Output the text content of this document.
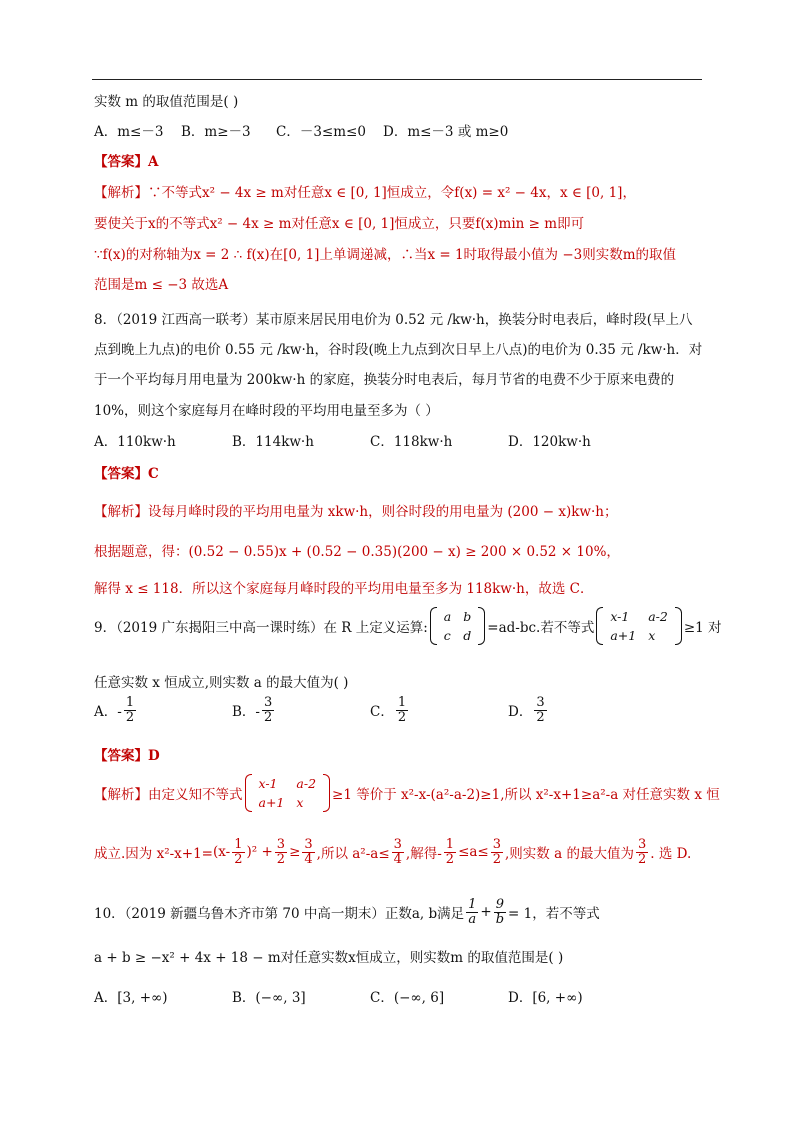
实数 m 的取值范围是( )
A．m≤－3 B．m≥－3 C．－3≤m≤0 D．m≤－3 或 m≥0
【答案】A
【解析】∵不等式x² − 4x ≥ m对任意x ∈ [0, 1]恒成立，令f(x) = x² − 4x，x ∈ [0, 1]，
要使关于x的不等式x² − 4x ≥ m对任意x ∈ [0, 1]恒成立，只要f(x)min ≥ m即可
∵f(x)的对称轴为x = 2 ∴ f(x)在[0, 1]上单调递减，∴当x = 1时取得最小值为 −3则实数m的取值
范围是m ≤ −3 故选A
8．（2019 江西高一联考）某市原来居民用电价为 0.52 元 /kw·h，换装分时电表后，峰时段(早上八
点到晚上九点)的电价 0.55 元 /kw·h，谷时段(晚上九点到次日早上八点)的电价为 0.35 元 /kw·h．对
于一个平均每月用电量为 200kw·h 的家庭，换装分时电表后，每月节省的电费不少于原来电费的
10%，则这个家庭每月在峰时段的平均用电量至多为（ ）
A．110kw·h	B．114kw·h	C．118kw·h	D．120kw·h
【答案】C
【解析】设每月峰时段的平均用电量为 xkw·h，则谷时段的用电量为 (200 − x)kw·h；
根据题意，得：(0.52 − 0.55)x + (0.52 − 0.35)(200 − x) ≥ 200 × 0.52 × 10%，
解得 x ≤ 118．所以这个家庭每月峰时段的平均用电量至多为 118kw·h，故选 C．
9．（2019 广东揭阳三中高一课时练）在 R 上定义运算:
a	b
c	d =ad-bc.若不等式
x-1	a-2
a+1	x ≥1 对
任意实数 x 恒成立,则实数 a 的最大值为( )
A．- $\frac{1}{2}$	B．- $\frac{3}{2}$	C． $\frac{1}{2}$	D． $\frac{3}{2}$
【答案】D
【解析】由定义知不等式
x-1	a-2
a+1	x ≥1 等价于 x²-x-(a²-a-2)≥1,所以 x²-x+1≥a²-a 对任意实数 x 恒
成立.因为 $x^2-x+1= (x- \frac{1}{2} )^2 + \frac{3}{2} \ge \frac{3}{4}$ ,所以 $a^2-a\le \frac{3}{4}$ ,解得- $\frac{1}{2} \le a\le \frac{3}{2}$ ,则实数 a 的最大值为 $\frac{3}{2}$ . 选 D.
10．（2019 新疆乌鲁木齐市第 70 中高一期末）正数a, b满足 $\frac{1}{a} + \frac{9}{b} = 1$，若不等式
a + b ≥ −x² + 4x + 18 − m对任意实数x恒成立，则实数m 的取值范围是( )
A．[3, +∞)	B．(−∞, 3]	C．(−∞, 6]	D．[6, +∞)
